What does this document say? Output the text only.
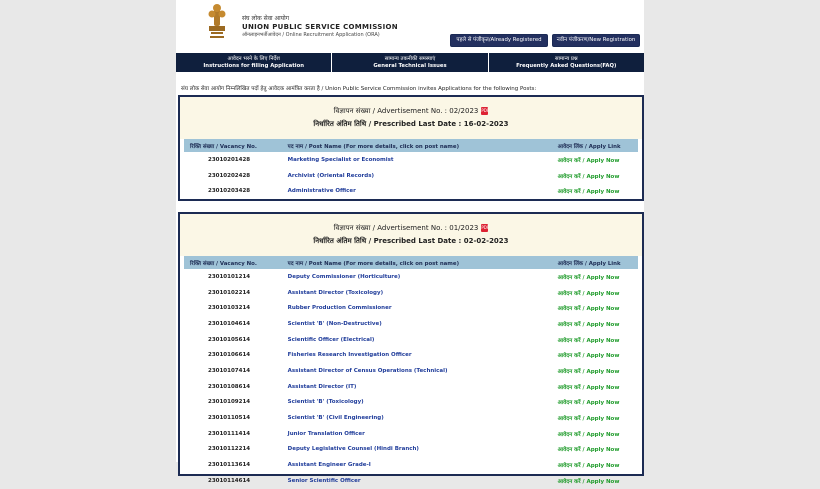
संघ लोक सेवा आयोग
UNION PUBLIC SERVICE COMMISSION
ऑनलाइनभर्तीआवेदन / Online Recruitment Application (ORA)
पहले से पंजीकृत/Already Registered	नवीन पंजीकरण/New Registration
आवेदन भरने के लिए निर्देश
Instructions for filling Application
सामान्य तकनीकी समस्याएं
General Technical Issues
सामान्य प्रश्न
Frequently Asked Questions(FAQ)
संघ लोक सेवा आयोग निम्नलिखित पदों हेतु आवेदक आमंत्रित करता है / Union Public Service Commission invites Applications for the following Posts:
विज्ञापन संख्या / Advertisement No. : 02/2023 PDF
निर्धारित अंतिम तिथि / Prescribed Last Date : 16-02-2023
रिक्ति संख्या / Vacancy No.	पद नाम / Post Name (For more details, click on post name)	आवेदन लिंक / Apply Link
23010201428	Marketing Specialist or Economist	आवेदन करें / Apply Now
23010202428	Archivist (Oriental Records)	आवेदन करें / Apply Now
23010203428	Administrative Officer	आवेदन करें / Apply Now
विज्ञापन संख्या / Advertisement No. : 01/2023 PDF
निर्धारित अंतिम तिथि / Prescribed Last Date : 02-02-2023
रिक्ति संख्या / Vacancy No.	पद नाम / Post Name (For more details, click on post name)	आवेदन लिंक / Apply Link
23010101214	Deputy Commissioner (Horticulture)	आवेदन करें / Apply Now
23010102214	Assistant Director (Toxicology)	आवेदन करें / Apply Now
23010103214	Rubber Production Commissioner	आवेदन करें / Apply Now
23010104614	Scientist 'B' (Non-Destructive)	आवेदन करें / Apply Now
23010105614	Scientific Officer (Electrical)	आवेदन करें / Apply Now
23010106614	Fisheries Research Investigation Officer	आवेदन करें / Apply Now
23010107414	Assistant Director of Census Operations (Technical)	आवेदन करें / Apply Now
23010108614	Assistant Director (IT)	आवेदन करें / Apply Now
23010109214	Scientist 'B' (Toxicology)	आवेदन करें / Apply Now
23010110514	Scientist 'B' (Civil Engineering)	आवेदन करें / Apply Now
23010111414	Junior Translation Officer	आवेदन करें / Apply Now
23010112214	Deputy Legislative Counsel (Hindi Branch)	आवेदन करें / Apply Now
23010113614	Assistant Engineer Grade-I	आवेदन करें / Apply Now
23010114614	Senior Scientific Officer	आवेदन करें / Apply Now
